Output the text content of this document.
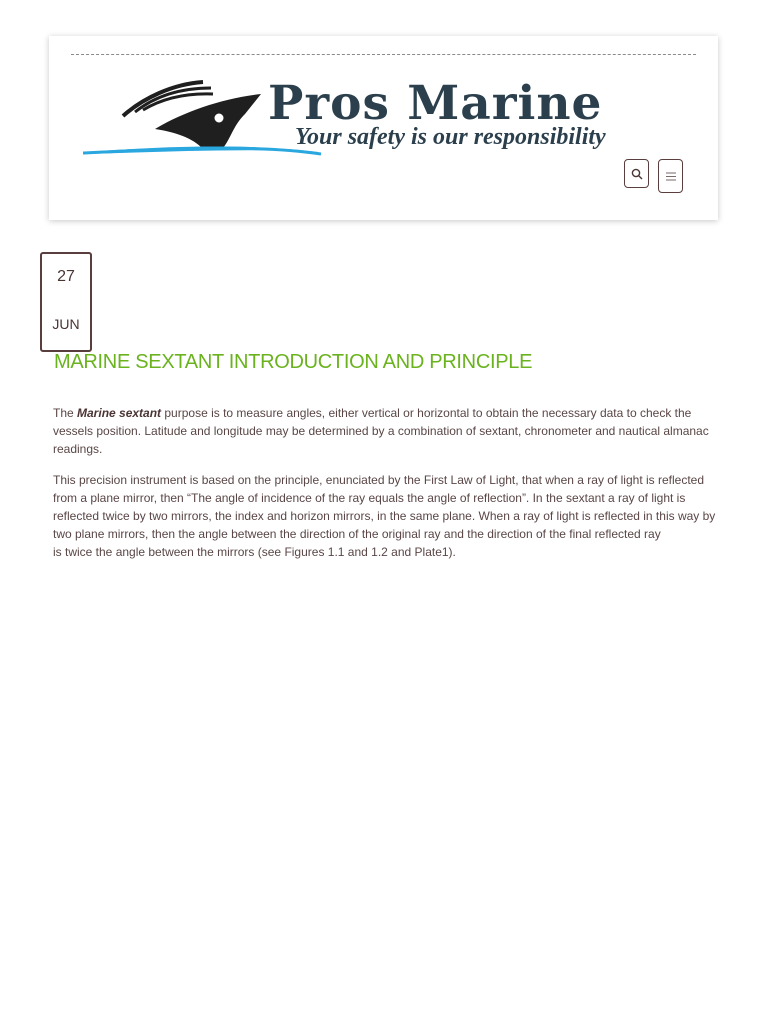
Pros Marine
Your safety is our responsibility
27
JUN
MARINE SEXTANT INTRODUCTION AND PRINCIPLE

The Marine sextant purpose is to measure angles, either vertical or horizontal to obtain the necessary data to check the vessels position. Latitude and longitude may be determined by a combination of sextant, chronometer and nautical almanac readings.

This precision instrument is based on the principle, enunciated by the First Law of Light, that when a ray of light is reflected from a plane mirror, then “The angle of incidence of the ray equals the angle of reflection”. In the sextant a ray of light is reflected twice by two mirrors, the index and horizon mirrors, in the same plane. When a ray of light is reflected in this way by two plane mirrors, then the angle between the direction of the original ray and the direction of the final reflected ray
is twice the angle between the mirrors (see Figures 1.1 and 1.2 and Plate1).
